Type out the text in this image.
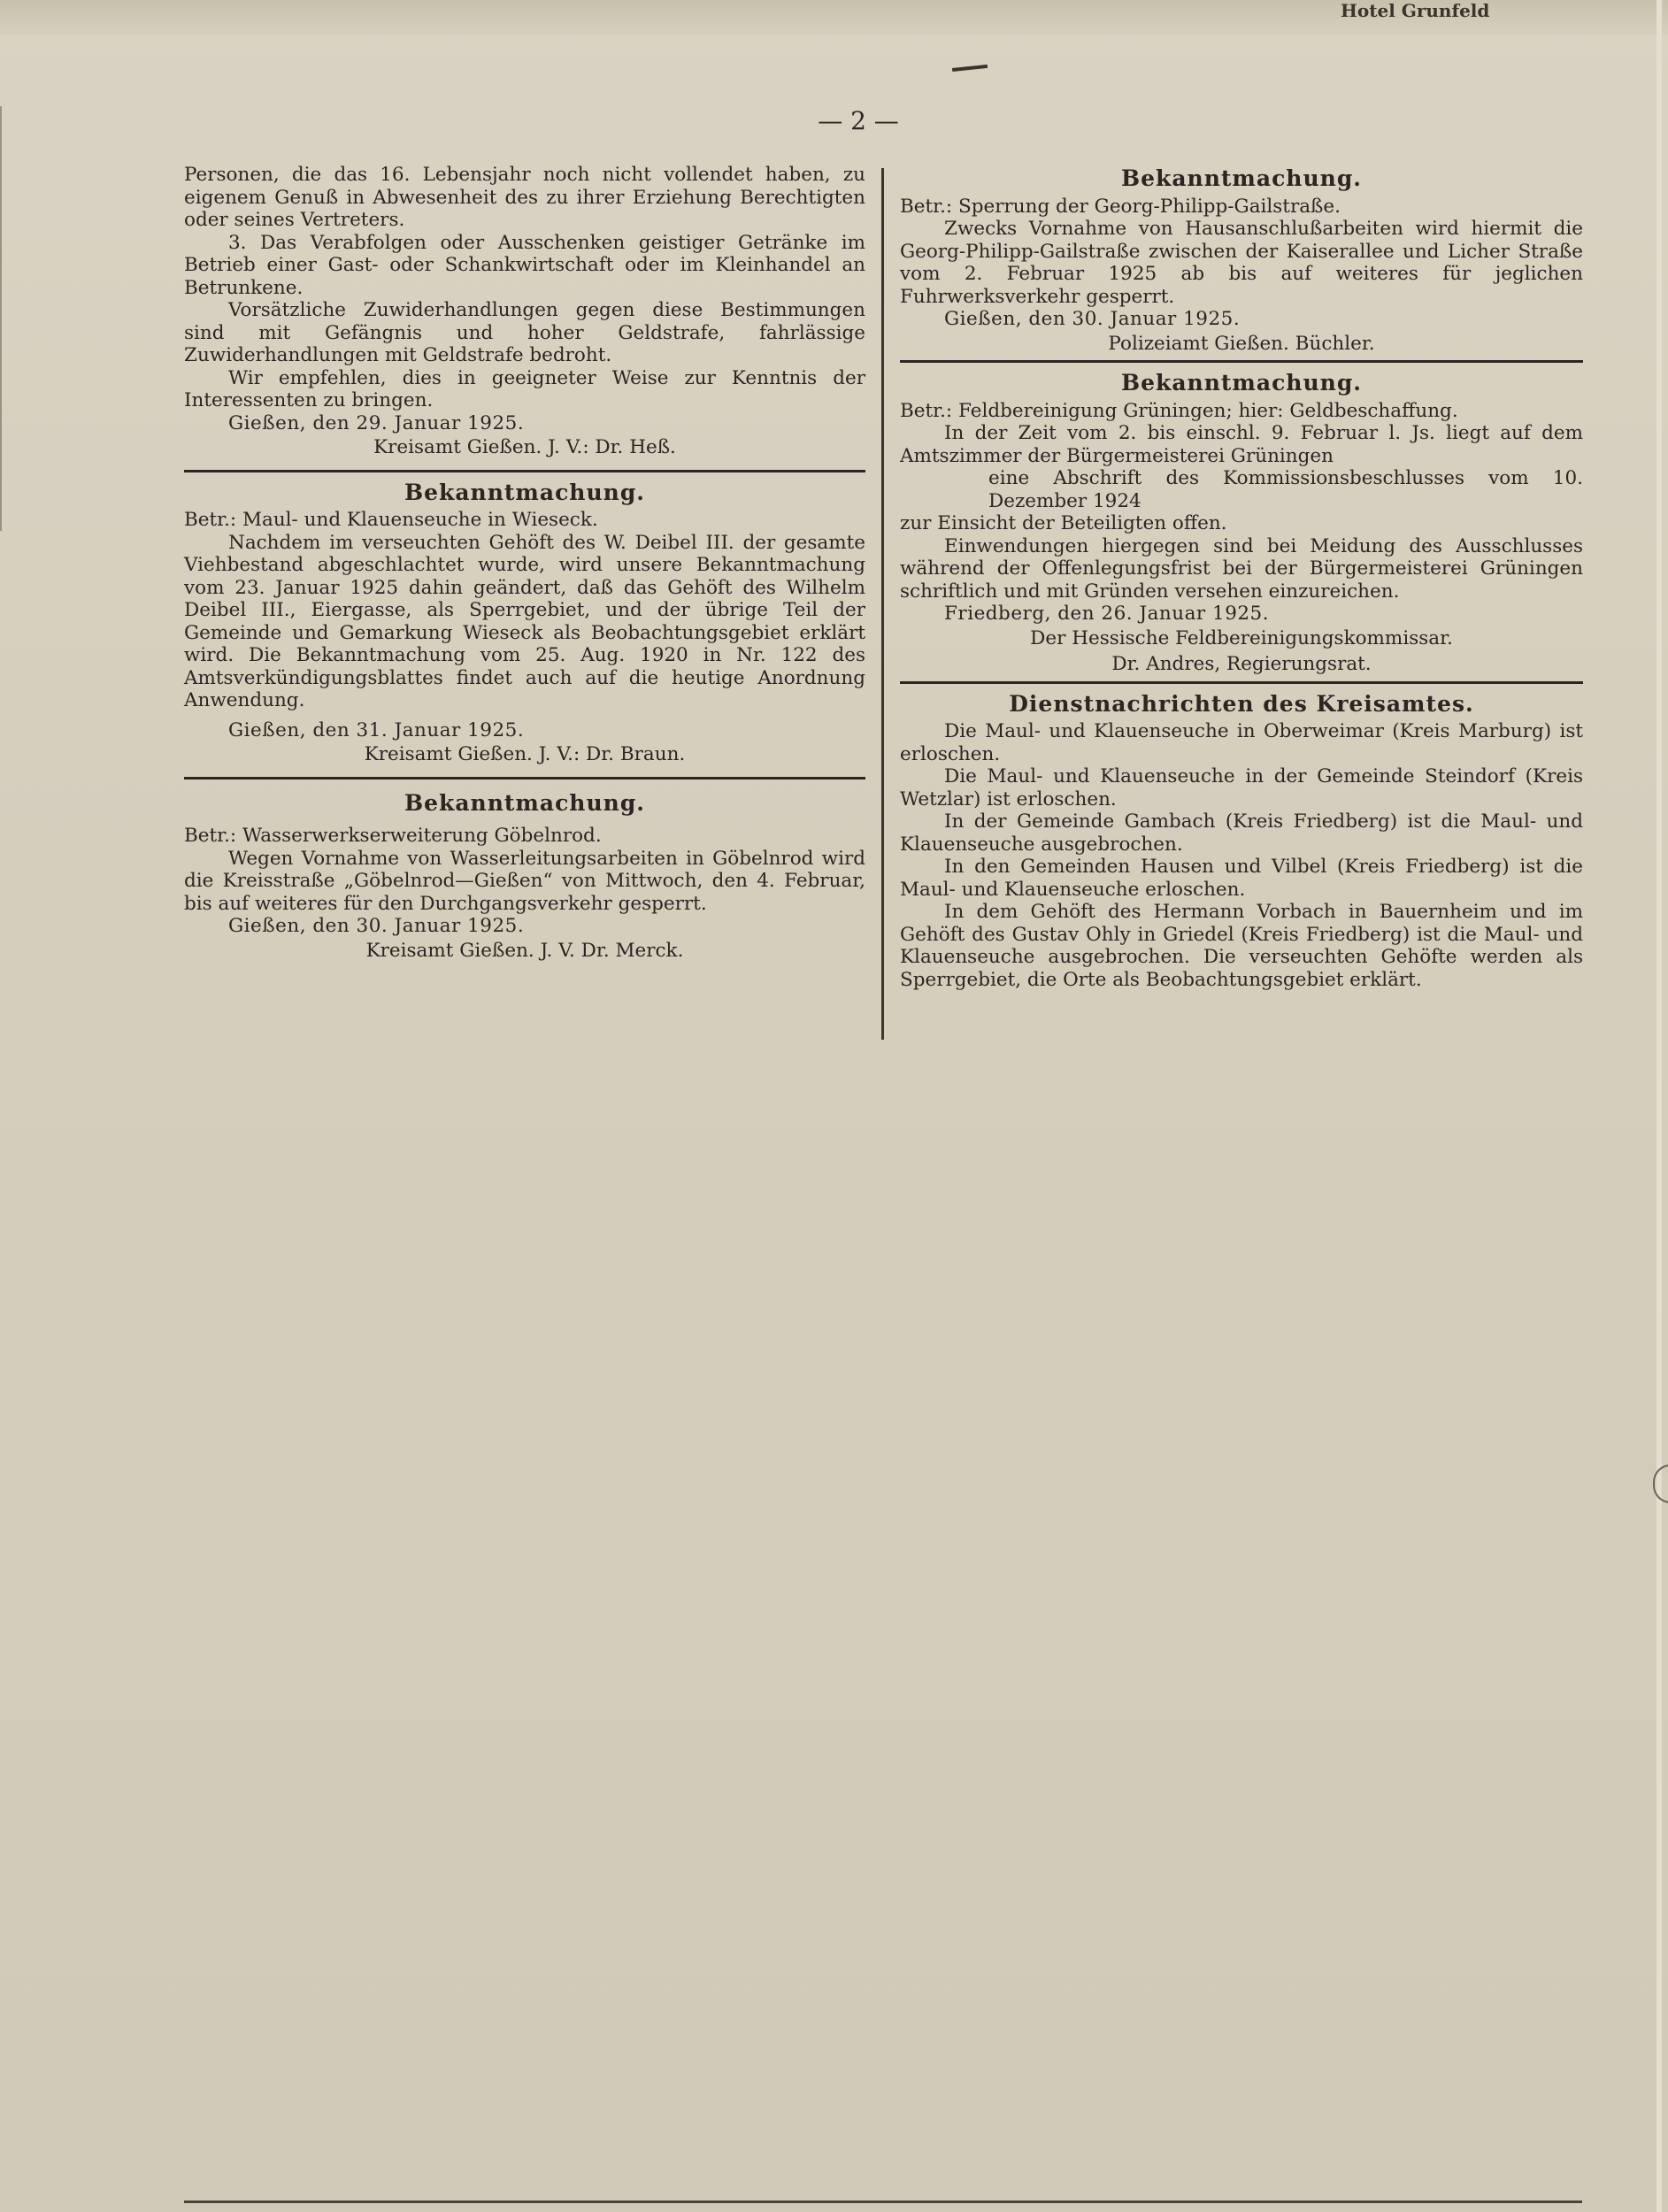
Hotel Grunfeld
— 2 —

Personen, die das 16. Lebensjahr noch nicht vollendet haben, zu eigenem Genuß in Abwesenheit des zu ihrer Erziehung Berechtigten oder seines Vertreters.

3. Das Verabfolgen oder Ausschenken geistiger Getränke im Betrieb einer Gast- oder Schankwirtschaft oder im Kleinhandel an Betrunkene.

Vorsätzliche Zuwiderhandlungen gegen diese Bestimmungen sind mit Gefängnis und hoher Geldstrafe, fahrlässige Zuwiderhandlungen mit Geldstrafe bedroht.

Wir empfehlen, dies in geeigneter Weise zur Kenntnis der Interessenten zu bringen.

Gießen, den 29. Januar 1925.

Kreisamt Gießen. J. V.: Dr. Heß.

Bekanntmachung.

Betr.: Maul- und Klauenseuche in Wieseck.

Nachdem im verseuchten Gehöft des W. Deibel III. der gesamte Viehbestand abgeschlachtet wurde, wird unsere Bekanntmachung vom 23. Januar 1925 dahin geändert, daß das Gehöft des Wilhelm Deibel III., Eiergasse, als Sperrgebiet, und der übrige Teil der Gemeinde und Gemarkung Wieseck als Beobachtungsgebiet erklärt wird. Die Bekanntmachung vom 25. Aug. 1920 in Nr. 122 des Amtsverkündigungsblattes findet auch auf die heutige Anordnung Anwendung.

Gießen, den 31. Januar 1925.

Kreisamt Gießen. J. V.: Dr. Braun.

Bekanntmachung.

Betr.: Wasserwerkserweiterung Göbelnrod.

Wegen Vornahme von Wasserleitungsarbeiten in Göbelnrod wird die Kreisstraße „Göbelnrod—Gießen“ von Mittwoch, den 4. Februar, bis auf weiteres für den Durchgangsverkehr gesperrt.

Gießen, den 30. Januar 1925.

Kreisamt Gießen. J. V. Dr. Merck.

Bekanntmachung.

Betr.: Sperrung der Georg-Philipp-Gailstraße.

Zwecks Vornahme von Hausanschlußarbeiten wird hiermit die Georg-Philipp-Gailstraße zwischen der Kaiserallee und Licher Straße vom 2. Februar 1925 ab bis auf weiteres für jeglichen Fuhrwerksverkehr gesperrt.

Gießen, den 30. Januar 1925.

Polizeiamt Gießen. Büchler.

Bekanntmachung.

Betr.: Feldbereinigung Grüningen; hier: Geldbeschaffung.

In der Zeit vom 2. bis einschl. 9. Februar l. Js. liegt auf dem Amtszimmer der Bürgermeisterei Grüningen

eine Abschrift des Kommissionsbeschlusses vom 10. Dezember 1924

zur Einsicht der Beteiligten offen.

Einwendungen hiergegen sind bei Meidung des Ausschlusses während der Offenlegungsfrist bei der Bürgermeisterei Grüningen schriftlich und mit Gründen versehen einzureichen.

Friedberg, den 26. Januar 1925.

Der Hessische Feldbereinigungskommissar.

Dr. Andres, Regierungsrat.

Dienstnachrichten des Kreisamtes.

Die Maul- und Klauenseuche in Oberweimar (Kreis Marburg) ist erloschen.

Die Maul- und Klauenseuche in der Gemeinde Steindorf (Kreis Wetzlar) ist erloschen.

In der Gemeinde Gambach (Kreis Friedberg) ist die Maul- und Klauenseuche ausgebrochen.

In den Gemeinden Hausen und Vilbel (Kreis Friedberg) ist die Maul- und Klauenseuche erloschen.

In dem Gehöft des Hermann Vorbach in Bauernheim und im Gehöft des Gustav Ohly in Griedel (Kreis Friedberg) ist die Maul- und Klauenseuche ausgebrochen. Die verseuchten Gehöfte werden als Sperrgebiet, die Orte als Beobachtungsgebiet erklärt.
